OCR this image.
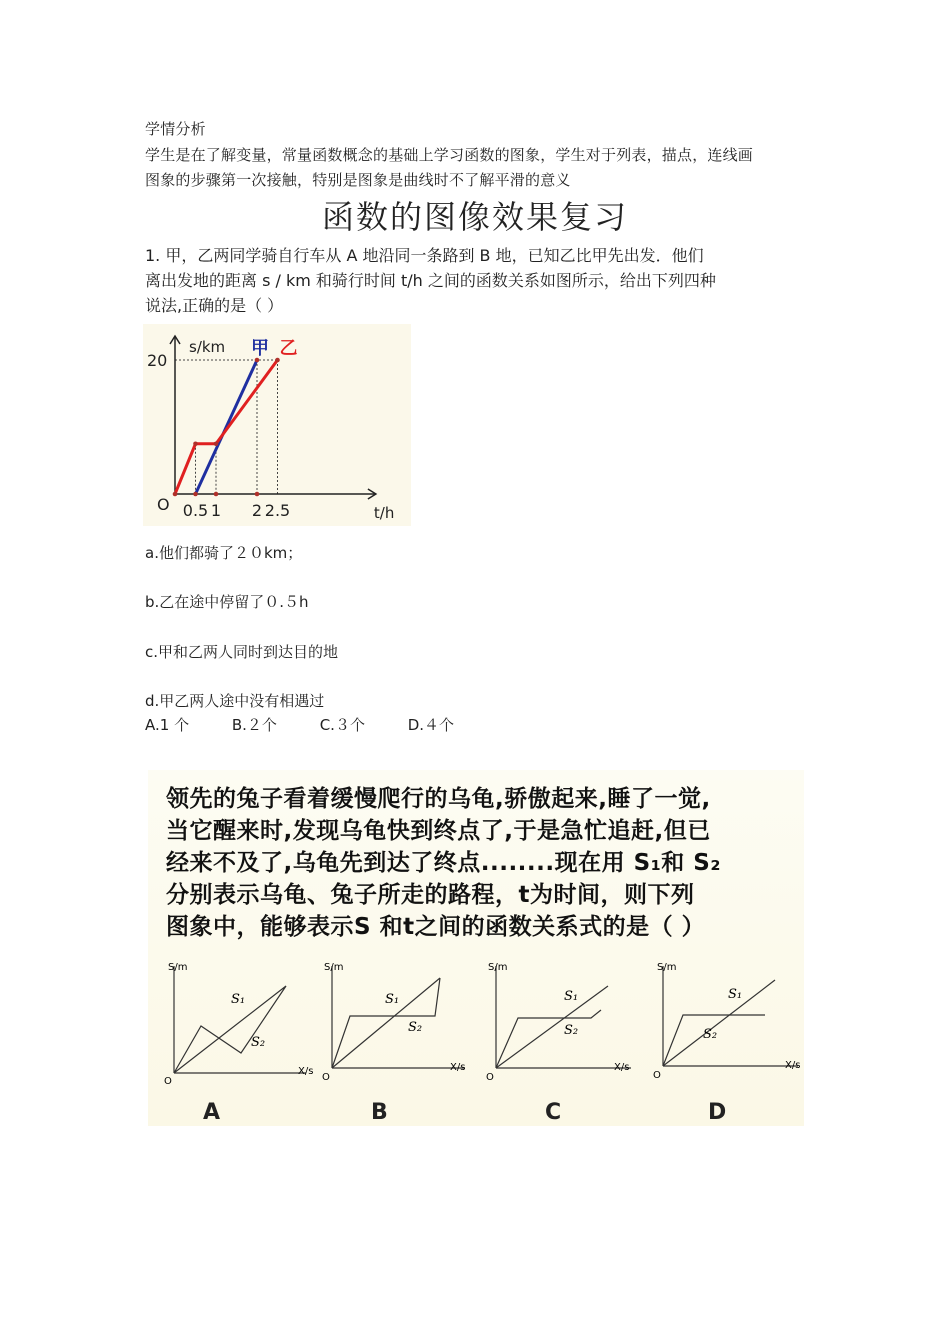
学情分析
学生是在了解变量，常量函数概念的基础上学习函数的图象，学生对于列表，描点，连线画
图象的步骤第一次接触，特别是图象是曲线时不了解平滑的意义
函数的图像效果复习
1. 甲，乙两同学骑自行车从 A 地沿同一条路到 B 地，已知乙比甲先出发．他们
离出发地的距离 s / km 和骑行时间 t/h 之间的函数关系如图所示，给出下列四种
说法,正确的是（ ）
甲 乙
0.5 1 2 2.5
20
O
s/km
t/h
a.他们都骑了２０km；
b.乙在途中停留了０.５h
c.甲和乙两人同时到达目的地
d.甲乙两人途中没有相遇过
A.1 个	B.２个	C.３个	D.４个
领先的兔子看着缓慢爬行的乌龟,骄傲起来,睡了一觉,
当它醒来时,发现乌龟快到终点了,于是急忙追赶,但已
经来不及了,乌龟先到达了终点........现在用 S₁和 S₂
分别表示乌龟、兔子所走的路程，t为时间，则下列
图象中，能够表示S 和t之间的函数关系式的是（ ）
S/m
X/s
S₁
S₂
O
A
S/m
X/s
S₁
S₂
O
B
S/m
X/s
S₁
S₂
O
C
S/m
X/s
S₁
S₂
O
D
